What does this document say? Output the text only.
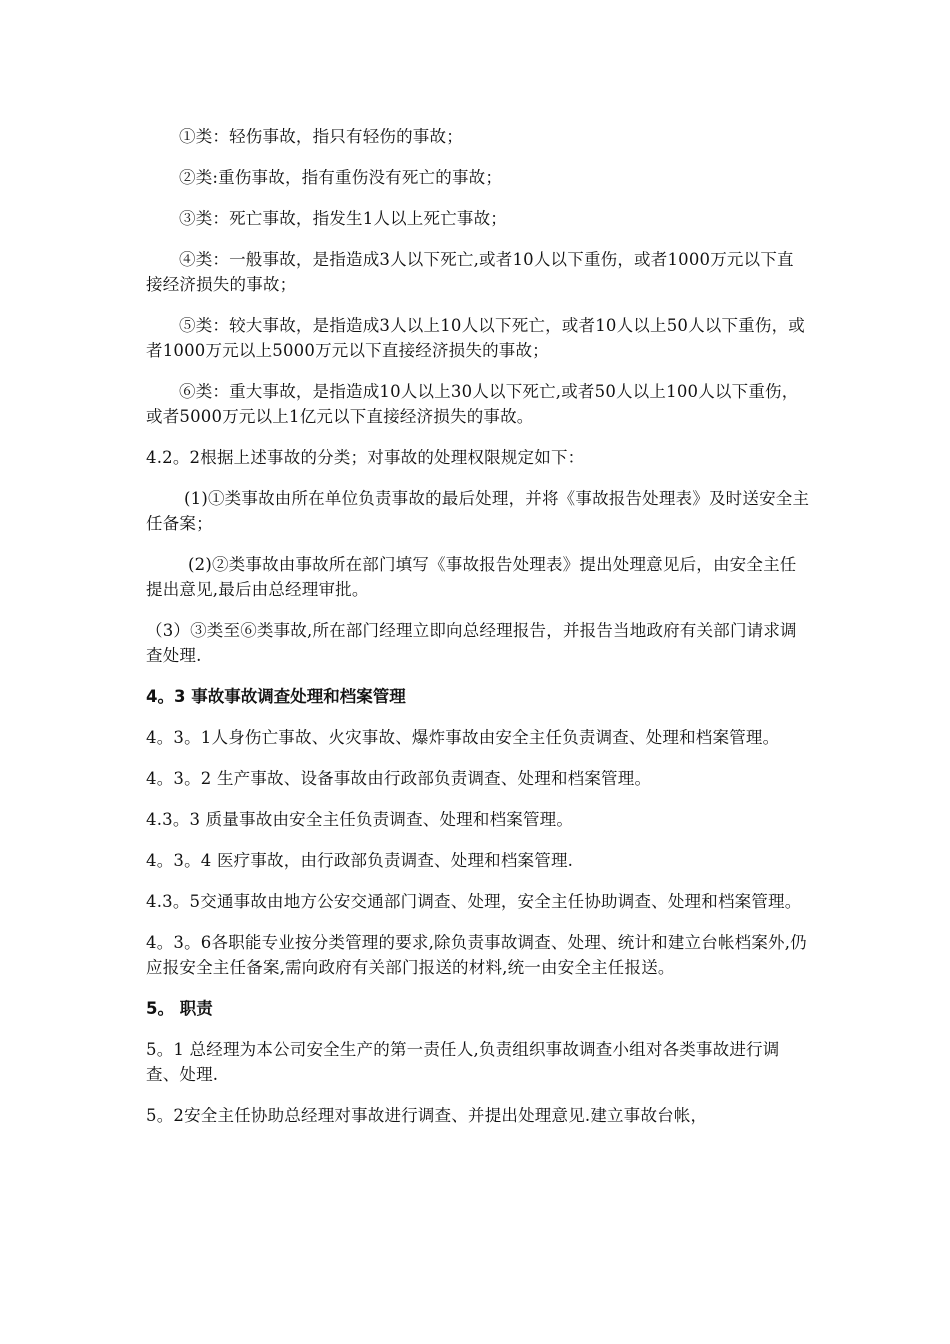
①类：轻伤事故，指只有轻伤的事故；

②类:重伤事故，指有重伤没有死亡的事故；

③类：死亡事故，指发生1人以上死亡事故；

④类：一般事故，是指造成3人以下死亡,或者10人以下重伤，或者1000万元以下直接经济损失的事故；

⑤类：较大事故，是指造成3人以上10人以下死亡，或者10人以上50人以下重伤，或者1000万元以上5000万元以下直接经济损失的事故；

⑥类：重大事故，是指造成10人以上30人以下死亡,或者50人以上100人以下重伤，或者5000万元以上1亿元以下直接经济损失的事故。

4.2。2根据上述事故的分类；对事故的处理权限规定如下：

(1)①类事故由所在单位负责事故的最后处理，并将《事故报告处理表》及时送安全主任备案；

(2)②类事故由事故所在部门填写《事故报告处理表》提出处理意见后，由安全主任提出意见,最后由总经理审批。

（3）③类至⑥类事故,所在部门经理立即向总经理报告，并报告当地政府有关部门请求调查处理.

4。3 事故事故调查处理和档案管理

4。3。1人身伤亡事故、火灾事故、爆炸事故由安全主任负责调查、处理和档案管理。

4。3。2 生产事故、设备事故由行政部负责调查、处理和档案管理。

4.3。3 质量事故由安全主任负责调查、处理和档案管理。

4。3。4 医疗事故，由行政部负责调查、处理和档案管理.

4.3。5交通事故由地方公安交通部门调查、处理，安全主任协助调查、处理和档案管理。

4。3。6各职能专业按分类管理的要求,除负责事故调查、处理、统计和建立台帐档案外,仍应报安全主任备案,需向政府有关部门报送的材料,统一由安全主任报送。

5。 职责

5。1 总经理为本公司安全生产的第一责任人,负责组织事故调查小组对各类事故进行调查、处理.

5。2安全主任协助总经理对事故进行调查、并提出处理意见.建立事故台帐，
